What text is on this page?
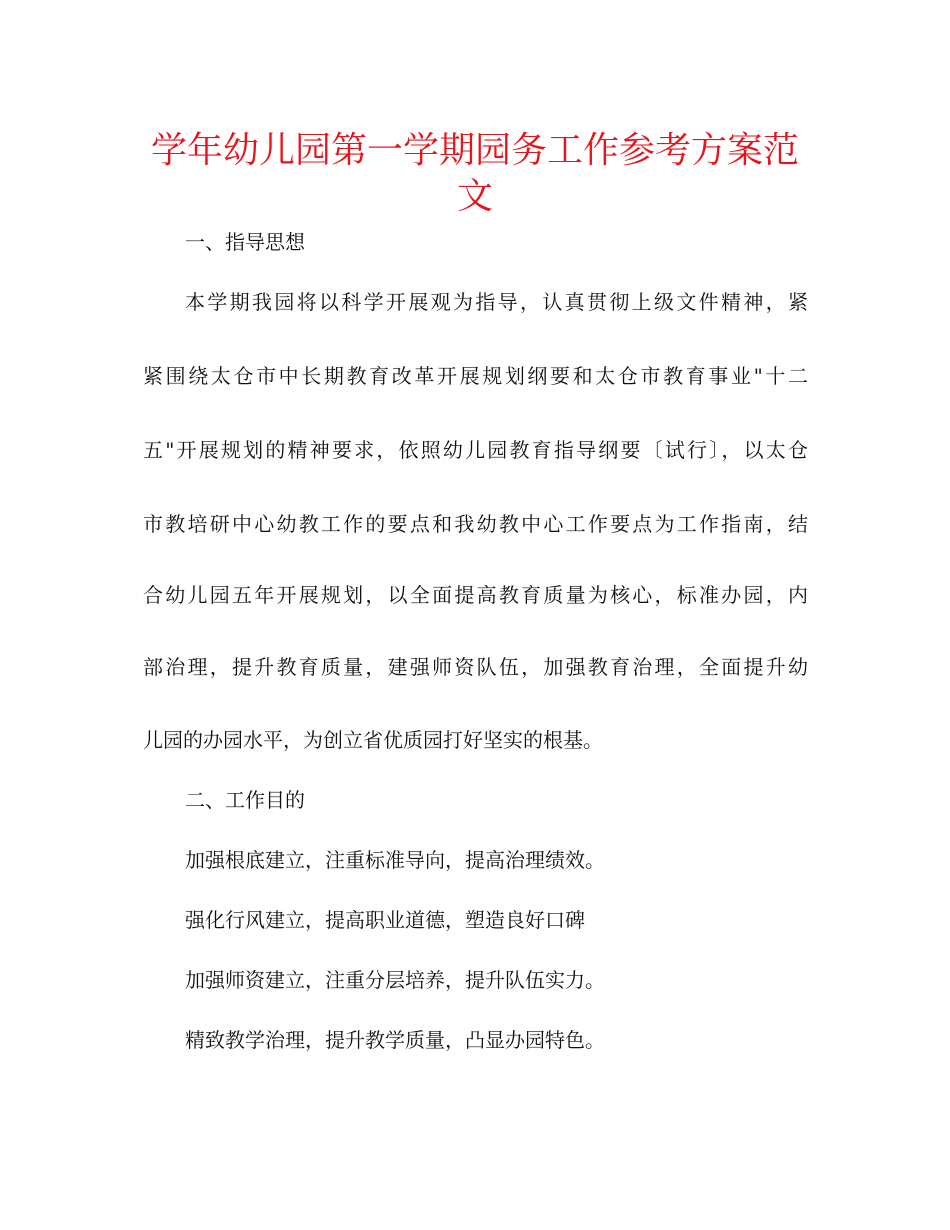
学年幼儿园第一学期园务工作参考方案范
文
一、指导思想
本学期我园将以科学开展观为指导，认真贯彻上级文件精神，紧
紧围绕太仓市中长期教育改革开展规划纲要和太仓市教育事业"十二
五"开展规划的精神要求，依照幼儿园教育指导纲要〔试行〕，以太仓
市教培研中心幼教工作的要点和我幼教中心工作要点为工作指南，结
合幼儿园五年开展规划，以全面提高教育质量为核心，标准办园，内
部治理，提升教育质量，建强师资队伍，加强教育治理，全面提升幼
儿园的办园水平，为创立省优质园打好坚实的根基。
二、工作目的
加强根底建立，注重标准导向，提高治理绩效。
强化行风建立，提高职业道德，塑造良好口碑
加强师资建立，注重分层培养，提升队伍实力。
精致教学治理，提升教学质量，凸显办园特色。
